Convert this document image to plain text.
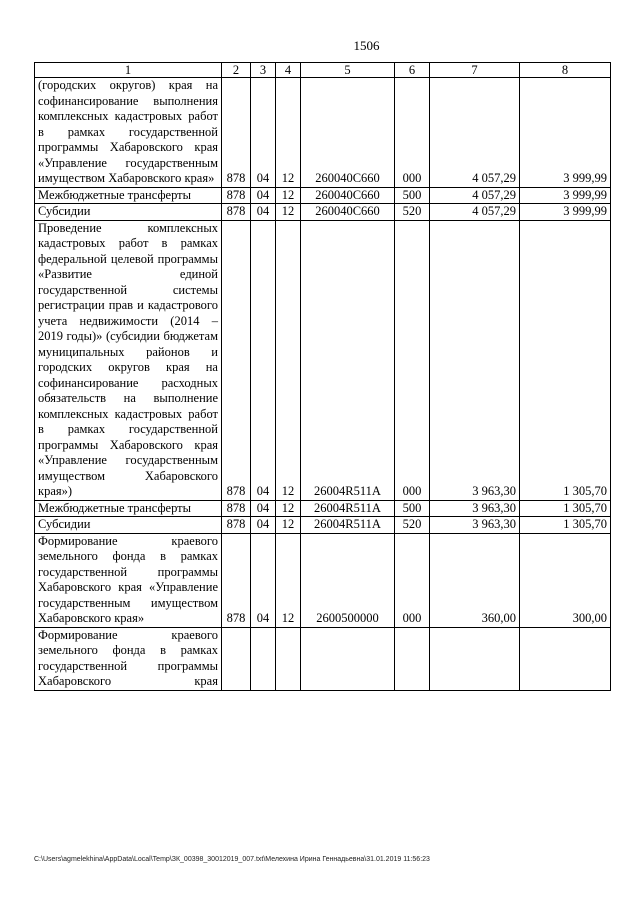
1506
1	2	3	4	5	6	7	8
(городских округов) края на софинансирование выполнения комплексных кадастровых работ в рамках государственной программы Хабаровского края «Управление государственным имуществом Хабаровского края»	878	04	12	260040С660	000	4 057,29	3 999,99
Межбюджетные трансферты	878	04	12	260040С660	500	4 057,29	3 999,99
Субсидии	878	04	12	260040С660	520	4 057,29	3 999,99
Проведение комплексных кадастровых работ в рамках федеральной целевой программы «Развитие единой государственной системы регистрации прав и кадастрового учета недвижимости (2014 – 2019 годы)» (субсидии бюджетам муниципальных районов и городских округов края на софинансирование расходных обязательств на выполнение комплексных кадастровых работ в рамках государственной программы Хабаровского края «Управление государственным имуществом Хабаровского края»)	878	04	12	26004R511A	000	3 963,30	1 305,70
Межбюджетные трансферты	878	04	12	26004R511A	500	3 963,30	1 305,70
Субсидии	878	04	12	26004R511A	520	3 963,30	1 305,70
Формирование краевого земельного фонда в рамках государственной программы Хабаровского края «Управление государственным имуществом Хабаровского края»	878	04	12	2600500000	000	360,00	300,00
Формирование краевого земельного фонда в рамках государственной программы Хабаровского края							
C:\Users\agmelekhina\AppData\Local\Temp\ЗК_00398_30012019_007.txt\Мелехина Ирина Геннадьевна\31.01.2019 11:56:23
